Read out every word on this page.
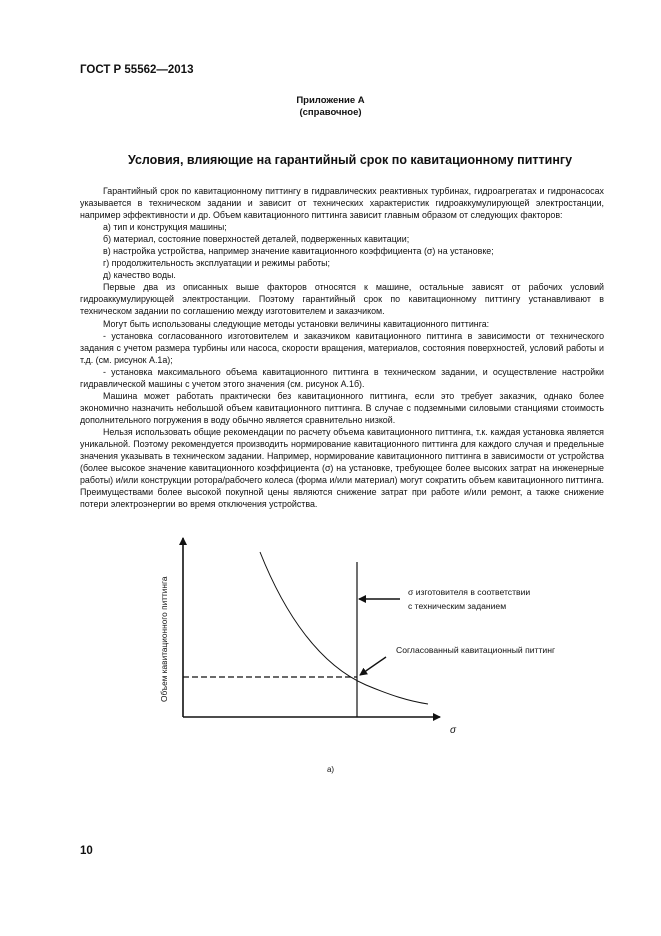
ГОСТ Р 55562—2013
Приложение А
(справочное)
Условия, влияющие на гарантийный срок по кавитационному питтингу

Гарантийный срок по кавитационному питтингу в гидравлических реактивных турбинах, гидроагрегатах и гидронасосах указывается в техническом задании и зависит от технических характеристик гидроаккумулирующей электростанции, например эффективности и др. Объем кавитационного питтинга зависит главным образом от следующих факторов:

а) тип и конструкция машины;

б) материал, состояние поверхностей деталей, подверженных кавитации;

в) настройка устройства, например значение кавитационного коэффициента (σ) на установке;

г) продолжительность эксплуатации и режимы работы;

д) качество воды.

Первые два из описанных выше факторов относятся к машине, остальные зависят от рабочих условий гидроаккумулирующей электростанции. Поэтому гарантийный срок по кавитационному питтингу устанавливают в техническом задании по соглашению между изготовителем и заказчиком.

Могут быть использованы следующие методы установки величины кавитационного питтинга:

- установка согласованного изготовителем и заказчиком кавитационного питтинга в зависимости от технического задания с учетом размера турбины или насоса, скорости вращения, материалов, состояния поверхностей, условий работы и т.д. (см. рисунок А.1а);

- установка максимального объема кавитационного питтинга в техническом задании, и осуществление настройки гидравлической машины с учетом этого значения (см. рисунок А.1б).

Машина может работать практически без кавитационного питтинга, если это требует заказчик, однако более экономично назначить небольшой объем кавитационного питтинга. В случае с подземными силовыми станциями стоимость дополнительного погружения в воду обычно является сравнительно низкой.

Нельзя использовать общие рекомендации по расчету объема кавитационного питтинга, т.к. каждая установка является уникальной. Поэтому рекомендуется производить нормирование кавитационного питтинга для каждого случая и предельные значения указывать в техническом задании. Например, нормирование кавитационного питтинга в зависимости от устройства (более высокое значение кавитационного коэффициента (σ) на установке, требующее более высоких затрат на инженерные работы) и/или конструкции ротора/рабочего колеса (форма и/или материал) могут сократить объем кавитационного питтинга. Преимуществами более высокой покупной цены являются снижение затрат при работе и/или ремонт, а также снижение потери электроэнергии во время отключения устройства.

Объем кавитационного питтинга
σ
σ изготовителя в соответствии
с техническим заданием
Согласованный кавитационный питтинг
а)
10
